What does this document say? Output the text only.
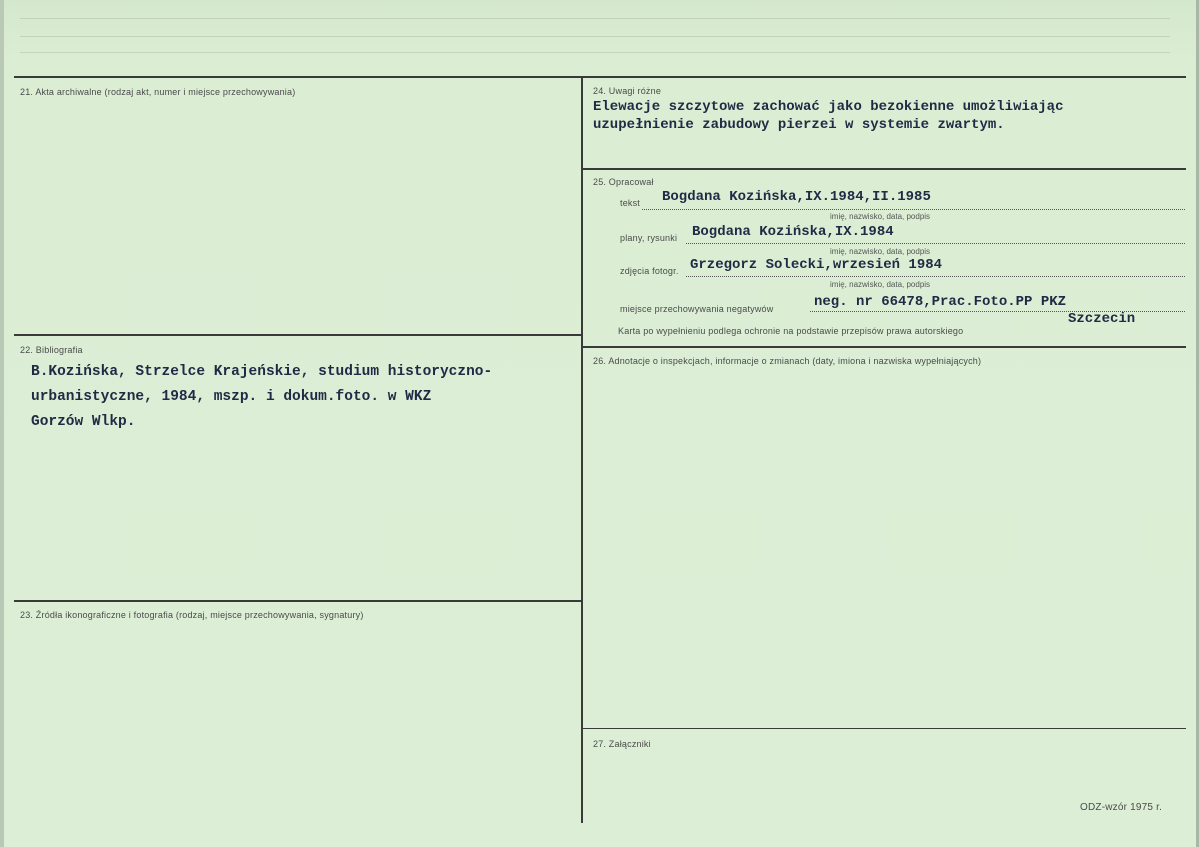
21. Akta archiwalne (rodzaj akt, numer i miejsce przechowywania)
22. Bibliografia
B.Kozińska, Strzelce Krajeńskie, studium historyczno-
urbanistyczne, 1984, mszp. i dokum.foto. w WKZ
Gorzów Wlkp.
23. Źródła ikonograficzne i fotografia (rodzaj, miejsce przechowywania, sygnatury)
24. Uwagi różne
Elewacje szczytowe zachować jako bezokienne umożliwiając
uzupełnienie zabudowy pierzei w systemie zwartym.
25. Opracował
tekst Bogdana Kozińska,IX.1984,II.1985
imię, nazwisko, data, podpis
plany, rysunki Bogdana Kozińska,IX.1984
imię, nazwisko, data, podpis
zdjęcia fotogr. Grzegorz Solecki,wrzesień 1984
imię, nazwisko, data, podpis
miejsce przechowywania negatywów	neg. nr 66478,Prac.Foto.PP PKZ
Szczecin
Karta po wypełnieniu podlega ochronie na podstawie przepisów prawa autorskiego
26. Adnotacje o inspekcjach, informacje o zmianach (daty, imiona i nazwiska wypełniających)
27. Załączniki
ODZ-wzór 1975 r.
